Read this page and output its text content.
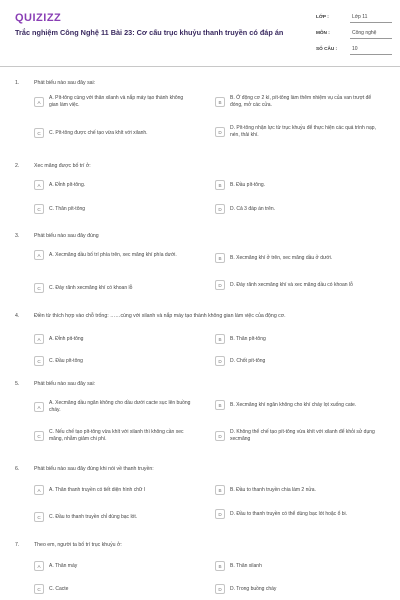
QUIZIZZ
Trắc nghiệm Công Nghệ 11 Bài 23: Cơ cấu trục khuỷu thanh truyền có đáp án
LỚP :	Lớp 11
MÔN :	Công nghệ
SỐ CÂU :	10
1.	Phát biểu nào sau đây sai:
A
A. Pít-tông cùng với thân xilanh và nắp máy tạo thành không gian làm việc.	B
B. Ở động cơ 2 kì, pít-tông làm thêm nhiệm vụ của van trượt để đóng, mở các cửa.
C	C. Pít-tông được chế tạo vừa khít với xilanh.	D
D. Pít-tông nhận lực từ trục khuỷu để thực hiện các quá trình nạp, nén, thải khí.
2.	Xec măng được bố trí ở:
A	A. Đỉnh pít-tông.	B	B. Đầu pít-tông.
C	C. Thân pít-tông	D	D. Cả 3 đáp án trên.
3.	Phát biểu nào sau đây đúng
A	A. Xecmăng dầu bố trí phía trên, xec măng khí phía dưới.
B	B. Xecmăng khí ở trên, xec măng dầu ở dưới.
C	C. Đáy rãnh xecmăng khí có khoan lỗ	D	D. Đáy rãnh xecmăng khí và xec măng dầu có khoan lỗ
4.	Điền từ thích hợp vào chỗ trống: ……cùng với xilanh và nắp máy tạo thành không gian làm việc của động cơ.
A	A. Đỉnh pit-tông	B	B. Thân pít-tông
C	C. Đầu pít-tông	D	D. Chốt pít-tông
5.	Phát biểu nào sau đây sai:
A
A. Xecmăng dầu ngăn không cho dầu dưới cacte sục lên buồng cháy.
B	B. Xecmăng khí ngăn không cho khí cháy lọt xuống cate.
C
C. Nếu chế tạo pít-tông vừa khít với xilanh thì không cần xec măng, nhằm giảm chi phí.	D
D. Không thể chế tạo pít-tông vừa khít với xilanh để khỏi sử dụng xecmăng
6.	Phát biểu nào sau đây đúng khi nói về thanh truyền:
A	A. Thân thanh truyền có tiết diện hình chữ I	B	B. Đầu to thanh truyền chia làm 2 nửa.
C	C. Đầu to thanh truyền chỉ dùng bạc lót.	D	D. Đầu to thanh truyền có thể dùng bạc lót hoặc ổ bi.
7.	Theo em, người ta bố trí trục khuỷu ở:
A	A. Thân máy	B	B. Thân xilanh
C	C. Cacte	D	D. Trong buồng cháy
